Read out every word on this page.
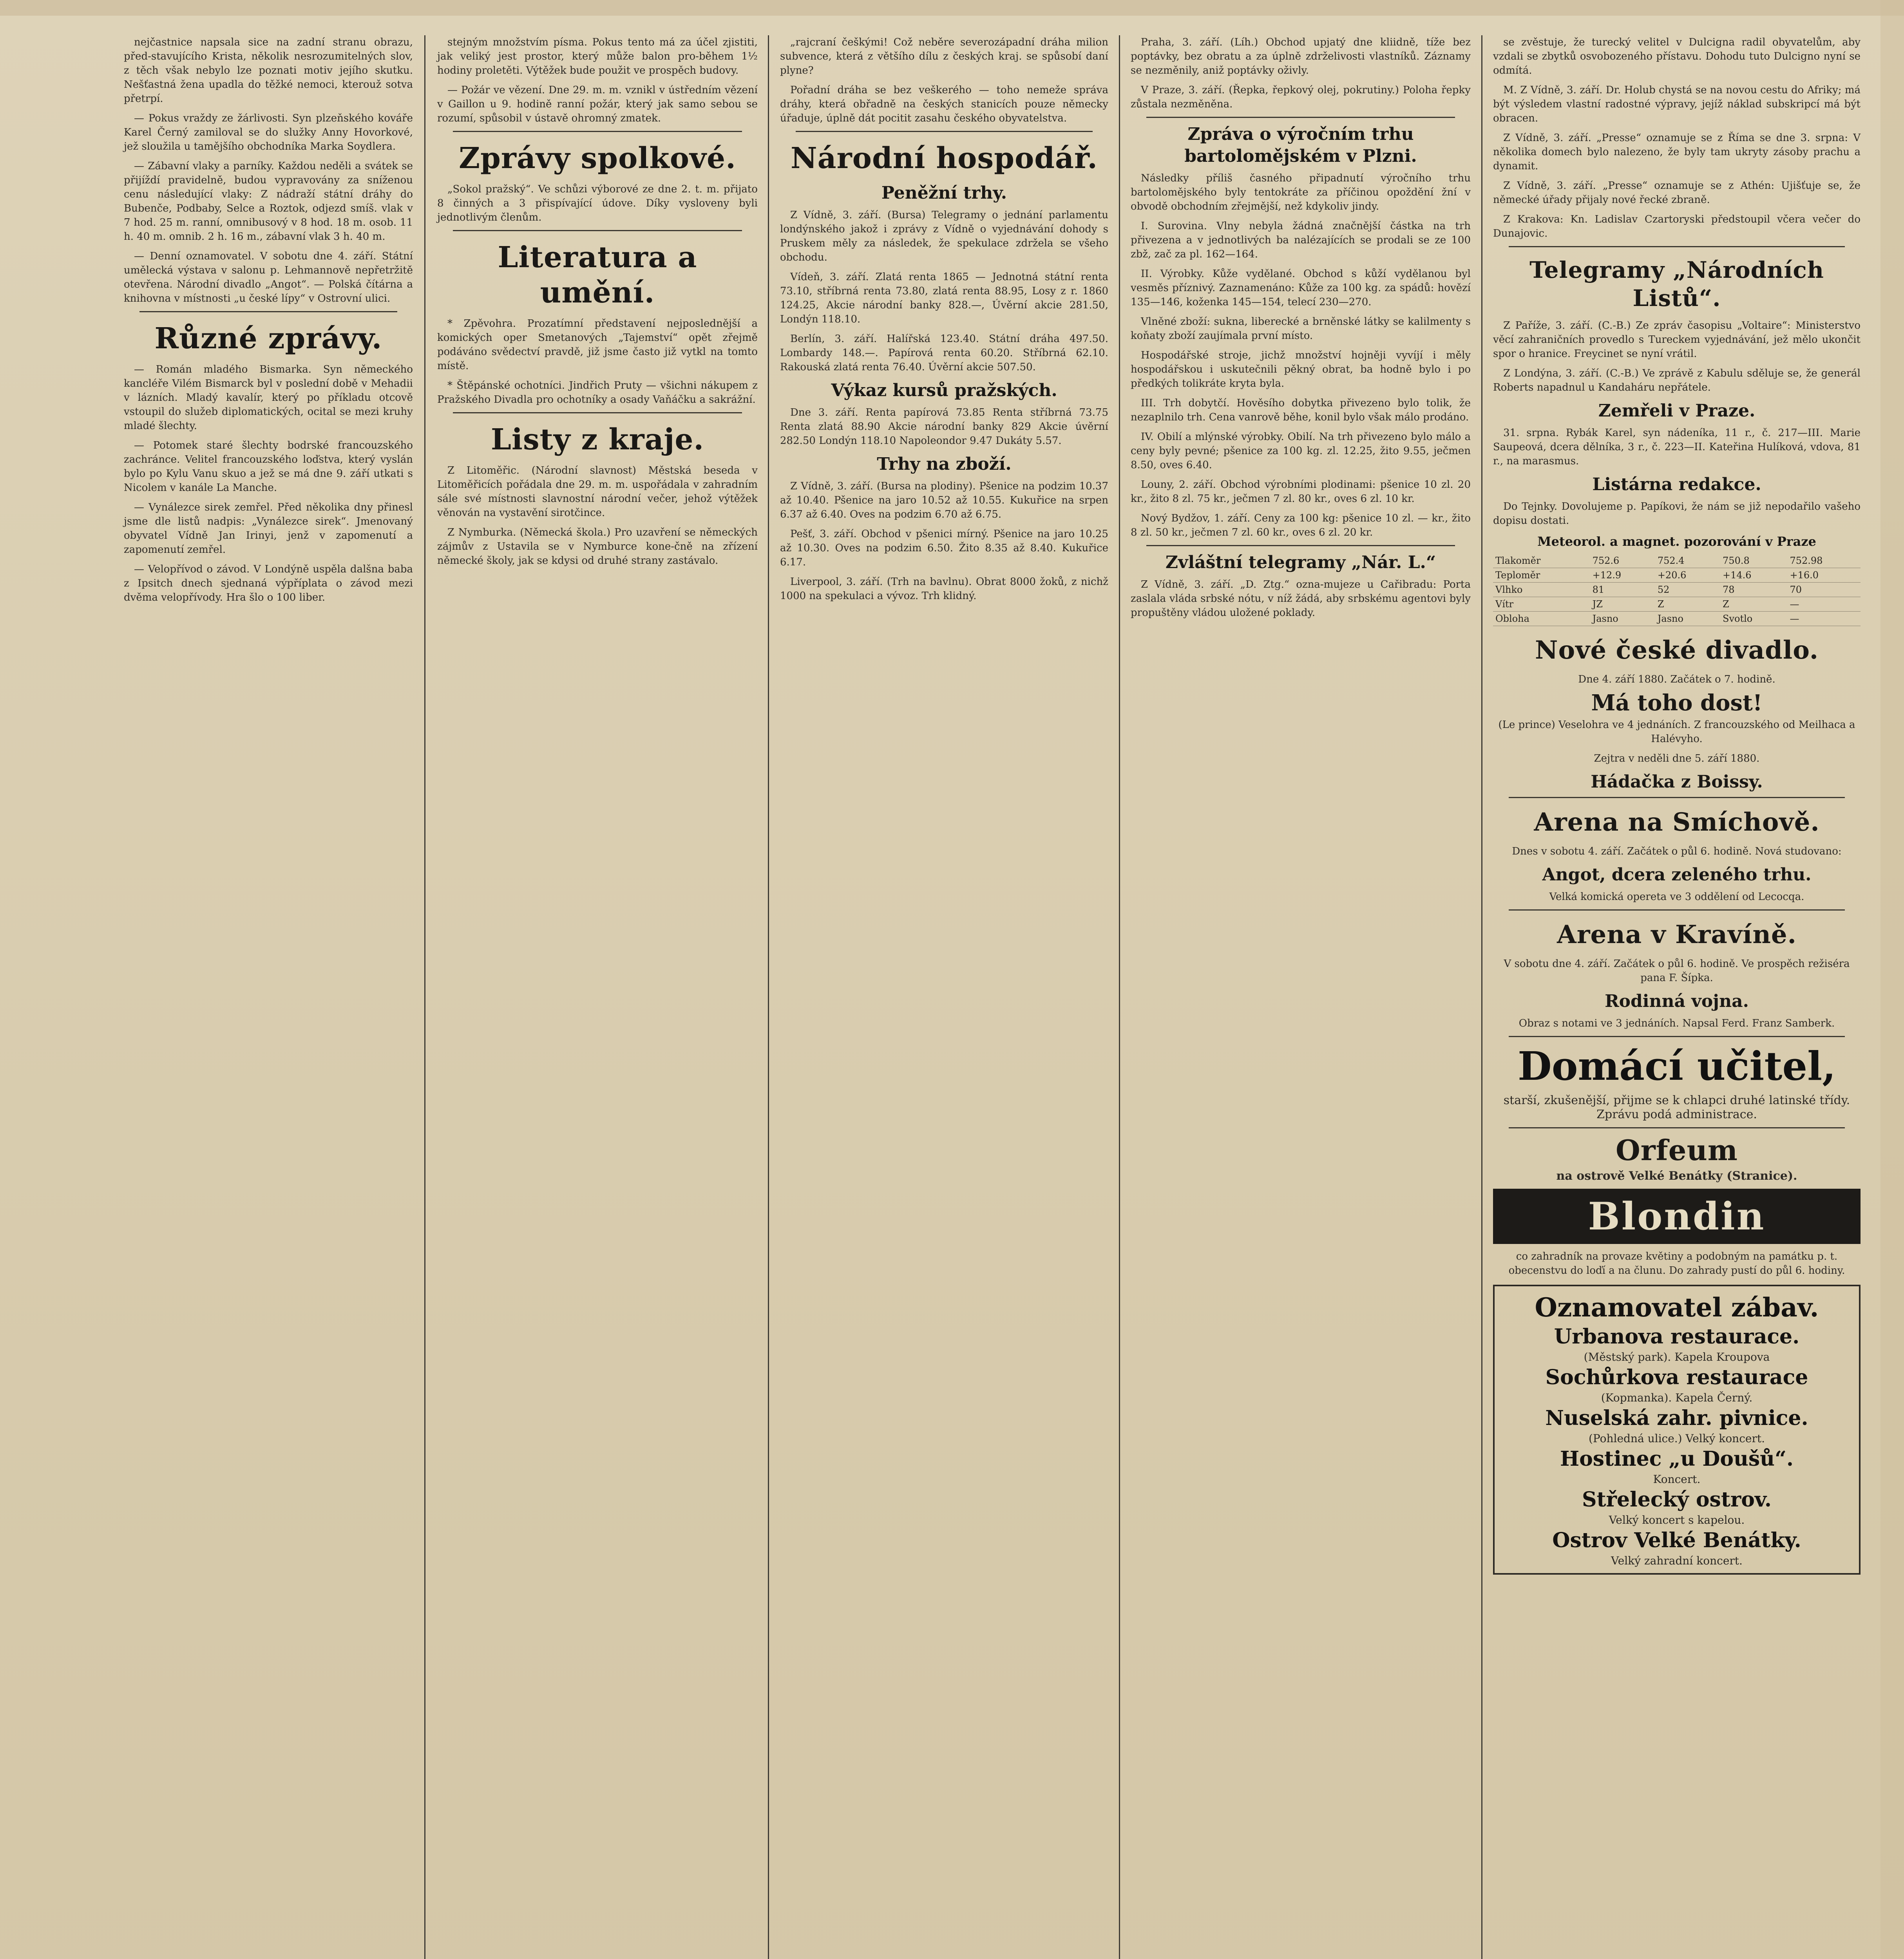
nejčastnice napsala sice na zadní stranu obrazu, před-stavujícího Krista, několik nesrozumitelných slov, z těch však nebylo lze poznati motiv jejího skutku. Nešťastná žena upadla do těžké nemoci, kterouž sotva přetrpí.

— Pokus vraždy ze žárlivosti. Syn plzeňského kováře Karel Černý zamiloval se do služky Anny Hovorkové, jež sloužila u tamějšího obchodníka Marka Soydlera.

— Zábavní vlaky a parníky. Každou neděli a svátek se přijíždí pravidelně, budou vypravovány za sníženou cenu následující vlaky: Z nádraží státní dráhy do Bubenče, Podbaby, Selce a Roztok, odjezd smíš. vlak v 7 hod. 25 m. ranní, omnibusový v 8 hod. 18 m. osob. 11 h. 40 m. omnib. 2 h. 16 m., zábavní vlak 3 h. 40 m.

— Denní oznamovatel. V sobotu dne 4. září. Státní umělecká výstava v salonu p. Lehmannově nepřetržitě otevřena. Národní divadlo „Angot“. — Polská čítárna a knihovna v místnosti „u české lípy“ v Ostrovní ulici.

Různé zprávy.

— Román mladého Bismarka. Syn německého kancléře Vilém Bismarck byl v poslední době v Mehadii v lázních. Mladý kavalír, který po příkladu otcově vstoupil do služeb diplomatických, ocital se mezi kruhy mladé šlechty.

— Potomek staré šlechty bodrské francouzského zachránce. Velitel francouzského loďstva, který vyslán bylo po Kylu Vanu skuo a jež se má dne 9. září utkati s Nicolem v kanále La Manche.

— Vynálezce sirek zemřel. Před několika dny přinesl jsme dle listů nadpis: „Vynálezce sirek“. Jmenovaný obyvatel Vídně Jan Irinyi, jenž v zapomenutí a zapomenutí zemřel.

— Velopřívod o závod. V Londýně uspěla dalšna baba z Ipsitch dnech sjednaná výpříplata o závod mezi dvěma velopřívody. Hra šlo o 100 liber.

stejným množstvím písma. Pokus tento má za účel zjistiti, jak veliký jest prostor, který může balon pro-během 1½ hodiny proletěti. Výtěžek bude použit ve prospěch budovy.

— Požár ve vězení. Dne 29. m. m. vznikl v ústředním vězení v Gaillon u 9. hodině ranní požár, který jak samo sebou se rozumí, spůsobil v ústavě ohromný zmatek.

Zprávy spolkové.

„Sokol pražský“. Ve schůzi výborové ze dne 2. t. m. přijato 8 činných a 3 přispívající údove. Díky vysloveny byli jednotlivým členům.

Literatura a umění.

* Zpěvohra. Prozatímní představení nejposlednější a komických oper Smetanových „Tajemství“ opět zřejmě podáváno svědectví pravdě, již jsme často již vytkl na tomto místě.

* Štěpánské ochotníci. Jindřich Pruty — všichni nákupem z Pražského Divadla pro ochotníky a osady Vaňáčku a sakrážní.

Listy z kraje.

Z Litoměřic. (Národní slavnost) Městská beseda v Litoměřicích pořádala dne 29. m. m. uspořádala v zahradním sále své místnosti slavnostní národní večer, jehož výtěžek věnován na vystavění sirotčince.

Z Nymburka. (Německá škola.) Pro uzavření se německých zájmův z Ustavila se v Nymburce kone-čně na zřízení německé školy, jak se kdysi od druhé strany zastávalo.

„rajcraní češkými! Což neběre severozápadní dráha milion subvence, která z většího dílu z českých kraj. se spůsobí daní plyne?

Pořadní dráha se bez veškerého — toho nemeže správa dráhy, která obřadně na českých stanicích pouze německy úřaduje, úplně dát pocitit zasahu českého obyvatelstva.

Národní hospodář.
Peněžní trhy.

Z Vídně, 3. září. (Bursa) Telegramy o jednání parlamentu londýnského jakož i zprávy z Vídně o vyjednávání dohody s Pruskem měly za následek, že spekulace zdržela se všeho obchodu.

Vídeň, 3. září. Zlatá renta 1865 — Jednotná státní renta 73.10, stříbrná renta 73.80, zlatá renta 88.95, Losy z r. 1860 124.25, Akcie národní banky 828.—, Úvěrní akcie 281.50, Londýn 118.10.

Berlín, 3. září. Halířská 123.40. Státní dráha 497.50. Lombardy 148.—. Papírová renta 60.20. Stříbrná 62.10. Rakouská zlatá renta 76.40. Úvěrní akcie 507.50.

Výkaz kursů pražských.

Dne 3. září. Renta papírová 73.85 Renta stříbrná 73.75 Renta zlatá 88.90 Akcie národní banky 829 Akcie úvěrní 282.50 Londýn 118.10 Napoleondor 9.47 Dukáty 5.57.

Trhy na zboží.

Z Vídně, 3. září. (Bursa na plodiny). Pšenice na podzim 10.37 až 10.40. Pšenice na jaro 10.52 až 10.55. Kukuřice na srpen 6.37 až 6.40. Oves na podzim 6.70 až 6.75.

Pešť, 3. září. Obchod v pšenici mírný. Pšenice na jaro 10.25 až 10.30. Oves na podzim 6.50. Žito 8.35 až 8.40. Kukuřice 6.17.

Liverpool, 3. září. (Trh na bavlnu). Obrat 8000 žoků, z nichž 1000 na spekulaci a vývoz. Trh klidný.

Praha, 3. září. (Líh.) Obchod upjatý dne kliidně, tíže bez poptávky, bez obratu a za úplně zdrželivosti vlastníků. Záznamy se nezměnily, aniž poptávky oživly.

V Praze, 3. září. (Řepka, řepkový olej, pokrutiny.) Poloha řepky zůstala nezměněna.

Zpráva o výročním trhu bartolomějském v Plzni.

Následky příliš časného připadnutí výročního trhu bartolomějského byly tentokráte za příčinou opoždění žní v obvodě obchodním zřejmější, než kdykoliv jindy.

I. Surovina. Vlny nebyla žádná značnější částka na trh přivezena a v jednotlivých ba nalézajících se prodali se ze 100 zbž, zač za pl. 162—164.

II. Výrobky. Kůže vydělané. Obchod s kůží vydělanou byl vesměs příznivý. Zaznamenáno: Kůže za 100 kg. za spádů: hovězí 135—146, koženka 145—154, telecí 230—270.

Vlněné zboží: sukna, liberecké a brněnské látky se kalilmenty s koňaty zboží zaujímala první místo.

Hospodářské stroje, jichž množství hojněji vyvíjí i měly hospodářskou i uskutečnili pěkný obrat, ba hodně bylo i po předkých tolikráte kryta byla.

III. Trh dobytčí. Hověsího dobytka přivezeno bylo tolik, že nezaplnilo trh. Cena vanrově běhe, konil bylo však málo prodáno.

IV. Obilí a mlýnské výrobky. Obilí. Na trh přivezeno bylo málo a ceny byly pevné; pšenice za 100 kg. zl. 12.25, žito 9.55, ječmen 8.50, oves 6.40.

Louny, 2. září. Obchod výrobními plodinami: pšenice 10 zl. 20 kr., žito 8 zl. 75 kr., ječmen 7 zl. 80 kr., oves 6 zl. 10 kr.

Nový Bydžov, 1. září. Ceny za 100 kg: pšenice 10 zl. — kr., žito 8 zl. 50 kr., ječmen 7 zl. 60 kr., oves 6 zl. 20 kr.

Zvláštní telegramy „Nár. L.“

Z Vídně, 3. září. „D. Ztg.“ ozna-mujeze u Cařibradu: Porta zaslala vláda srbské nótu, v níž žádá, aby srbskému agentovi byly propuštěny vládou uložené poklady.

se zvěstuje, že turecký velitel v Dulcigna radil obyvatelům, aby vzdali se zbytků osvobozeného přístavu. Dohodu tuto Dulcigno nyní se odmítá.

M. Z Vídně, 3. září. Dr. Holub chystá se na novou cestu do Afriky; má být výsledem vlastní radostné výpravy, jejíž náklad subskripcí má být obracen.

Z Vídně, 3. září. „Presse“ oznamuje se z Říma se dne 3. srpna: V několika domech bylo nalezeno, že byly tam ukryty zásoby prachu a dynamit.

Z Vídně, 3. září. „Presse“ oznamuje se z Athén: Ujišťuje se, že německé úřady přijaly nové řecké zbraně.

Z Krakova: Kn. Ladislav Czartoryski předstoupil včera večer do Dunajovic.

Telegramy „Národních Listů“.

Z Paříže, 3. září. (C.-B.) Ze zpráv časopisu „Voltaire“: Ministerstvo věcí zahraničních provedlo s Tureckem vyjednávání, jež mělo ukončit spor o hranice. Freycinet se nyní vrátil.

Z Londýna, 3. září. (C.-B.) Ve zprávě z Kabulu sděluje se, že generál Roberts napadnul u Kandaháru nepřátele.

Zemřeli v Praze.

31. srpna. Rybák Karel, syn nádeníka, 11 r., č. 217—III. Marie Saupeová, dcera dělníka, 3 r., č. 223—II. Kateřina Hulíková, vdova, 81 r., na marasmus.

Listárna redakce.

Do Tejnky. Dovolujeme p. Papíkovi, že nám se již nepodařilo vašeho dopisu dostati.

Meteorol. a magnet. pozorování v Praze
Tlakoměr	752.6	752.4	750.8	752.98
Teploměr	+12.9	+20.6	+14.6	+16.0
Vlhko	81	52	78	70
Vítr	JZ	Z	Z	—
Obloha	Jasno	Jasno	Svotlo	—
Nové české divadlo.

Dne 4. září 1880. Začátek o 7. hodině.

Má toho dost!

(Le prince) Veselohra ve 4 jednáních. Z francouzského od Meilhaca a Halévyho.

Zejtra v neděli dne 5. září 1880.

Hádačka z Boissy.
Arena na Smíchově.

Dnes v sobotu 4. září. Začátek o půl 6. hodině. Nová studovano:

Angot, dcera zeleného trhu.

Velká komická opereta ve 3 oddělení od Lecocqa.

Arena v Kravíně.

V sobotu dne 4. září. Začátek o půl 6. hodině. Ve prospěch režiséra pana F. Šípka.

Rodinná vojna.

Obraz s notami ve 3 jednáních. Napsal Ferd. Franz Samberk.

Domácí učitel,

starší, zkušenější, přijme se k chlapci druhé latinské třídy. Zprávu podá administrace.

Orfeum

na ostrově Velké Benátky (Stranice).

Blondin

co zahradník na provaze květiny a podobným na památku p. t. obecenstvu do loďí a na člunu. Do zahrady pustí do půl 6. hodiny.

Oznamovatel zábav.
Urbanova restaurace.
(Městský park). Kapela Kroupova
Sochůrkova restaurace
(Kopmanka). Kapela Černý.
Nuselská zahr. pivnice.
(Pohledná ulice.) Velký koncert.
Hostinec „u Doušů“.
Koncert.
Střelecký ostrov.
Velký koncert s kapelou.
Ostrov Velké Benátky.
Velký zahradní koncert.
